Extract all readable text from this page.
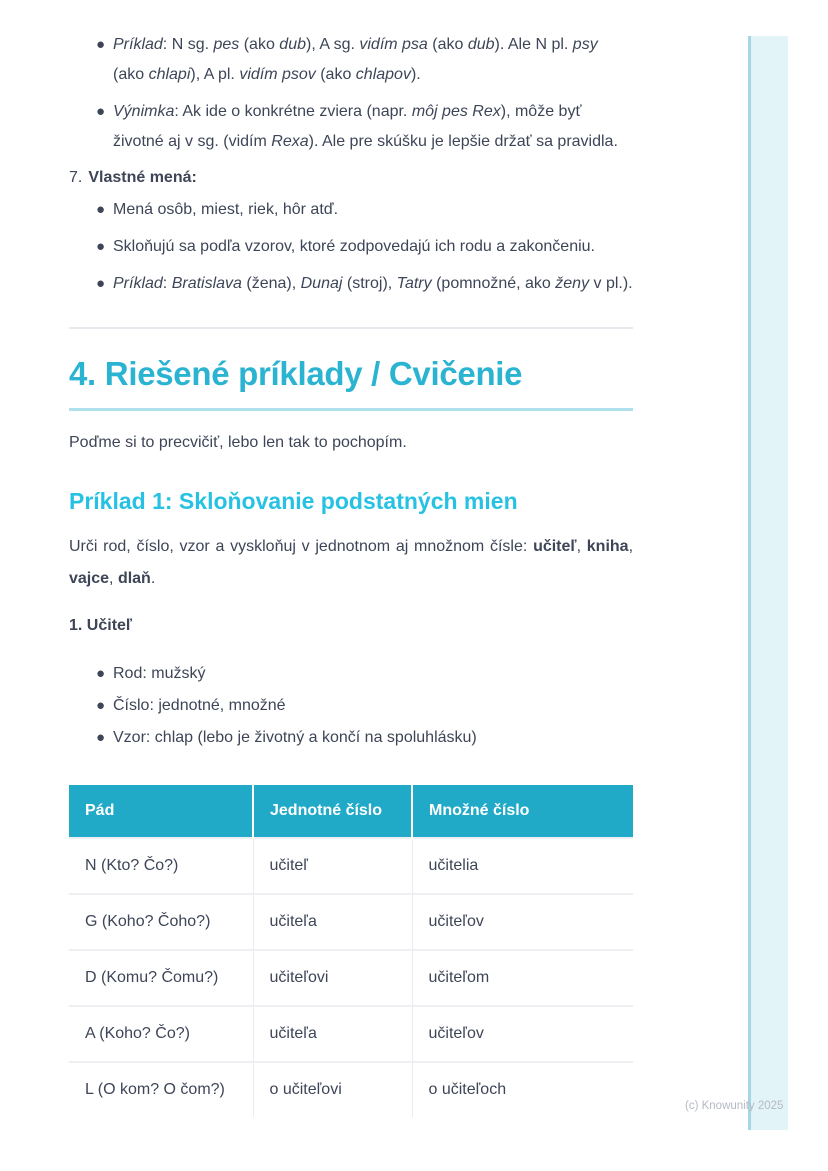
● Príklad: N sg. pes (ako dub), A sg. vidím psa (ako dub). Ale N pl. psy (ako chlapi), A pl. vidím psov (ako chlapov).
● Výnimka: Ak ide o konkrétne zviera (napr. môj pes Rex), môže byť životné aj v sg. (vidím Rexa). Ale pre skúšku je lepšie držať sa pravidla.
7. Vlastné mená:
● Mená osôb, miest, riek, hôr atď.
● Skloňujú sa podľa vzorov, ktoré zodpovedajú ich rodu a zakončeniu.
● Príklad: Bratislava (žena), Dunaj (stroj), Tatry (pomnožné, ako ženy v pl.).
4. Riešené príklady / Cvičenie

Poďme si to precvičiť, lebo len tak to pochopím.

Príklad 1: Skloňovanie podstatných mien

Urči rod, číslo, vzor a vyskloňuj v jednotnom aj množnom čísle: učiteľ, kniha, vajce, dlaň.

1. Učiteľ

● Rod: mužský
● Číslo: jednotné, množné
● Vzor: chlap (lebo je životný a končí na spoluhlásku)
Pád	Jednotné číslo	Množné číslo
N (Kto? Čo?)	učiteľ	učitelia
G (Koho? Čoho?)	učiteľa	učiteľov
D (Komu? Čomu?)	učiteľovi	učiteľom
A (Koho? Čo?)	učiteľa	učiteľov
L (O kom? O čom?)	o učiteľovi	o učiteľoch
(c) Knowunity 2025
